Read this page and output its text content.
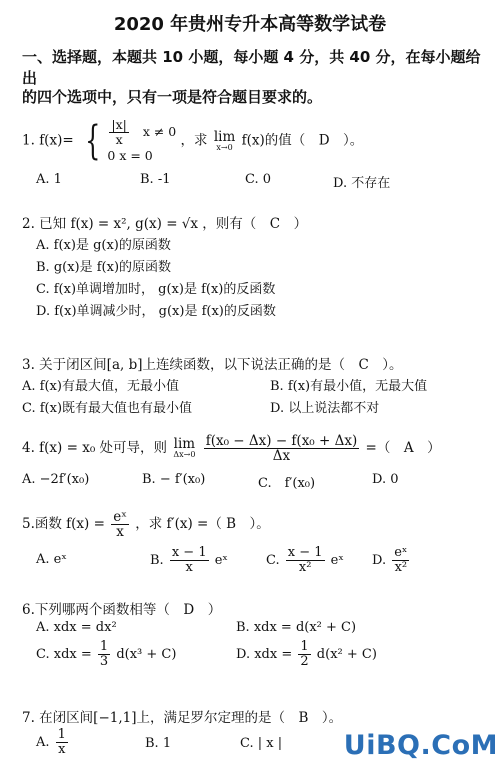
2020 年贵州专升本高等数学试卷
一、选择题，本题共 10 小题，每小题 4 分，共 40 分，在每小题给出
的四个选项中，只有一项是符合题目要求的。
1. f(x)= { $\frac{|x|}{x}$ x ≠ 0
0 x = 0
，求 lim
x→0 f(x)的值（　D　）。
A. 1	B. -1	C. 0	D. 不存在
2. 已知 f(x) = x², g(x) = √x ，则有（　C　）
A. f(x)是 g(x)的原函数
B. g(x)是 f(x)的原函数
C. f(x)单调增加时， g(x)是 f(x)的反函数
D. f(x)单调减少时， g(x)是 f(x)的反函数
3. 关于闭区间[a, b]上连续函数，以下说法正确的是（　C　）。
A. f(x)有最大值，无最小值	B. f(x)有最小值，无最大值
C. f(x)既有最大值也有最小值	D. 以上说法都不对
4. f(x) = x₀ 处可导，则 lim
Δx→0
$\frac{\text{f(x₀ − Δx) − f(x₀ + Δx)}}{\Delta x}$ =（　A　）
A. −2f′(x₀)	B. − f′(x₀)	C.　f′(x₀)	D. 0
5.函数 $f(x) = \frac{\text{eˣ}}{x}$ ，求 f′(x) =（ B　）。
A. eˣ	B. $\frac{x - 1}{x}$ eˣ	C. $\frac{x - 1}{\text{x²}}$ eˣ D. $\frac{\text{eˣ}}{\text{x²}}$
6.下列哪两个函数相等（　D　）
A. xdx = dx²	B. xdx = d(x² + C)
C. xdx = $\frac{1}{3} d(x^3 + C)$	D. xdx = $\frac{1}{2} d(x^2 + C)$
7. 在闭区间[−1,1]上，满足罗尔定理的是（　B　）。
A. $\frac{1}{x}$	B. 1	C. | x |	UiBQ.CoM
